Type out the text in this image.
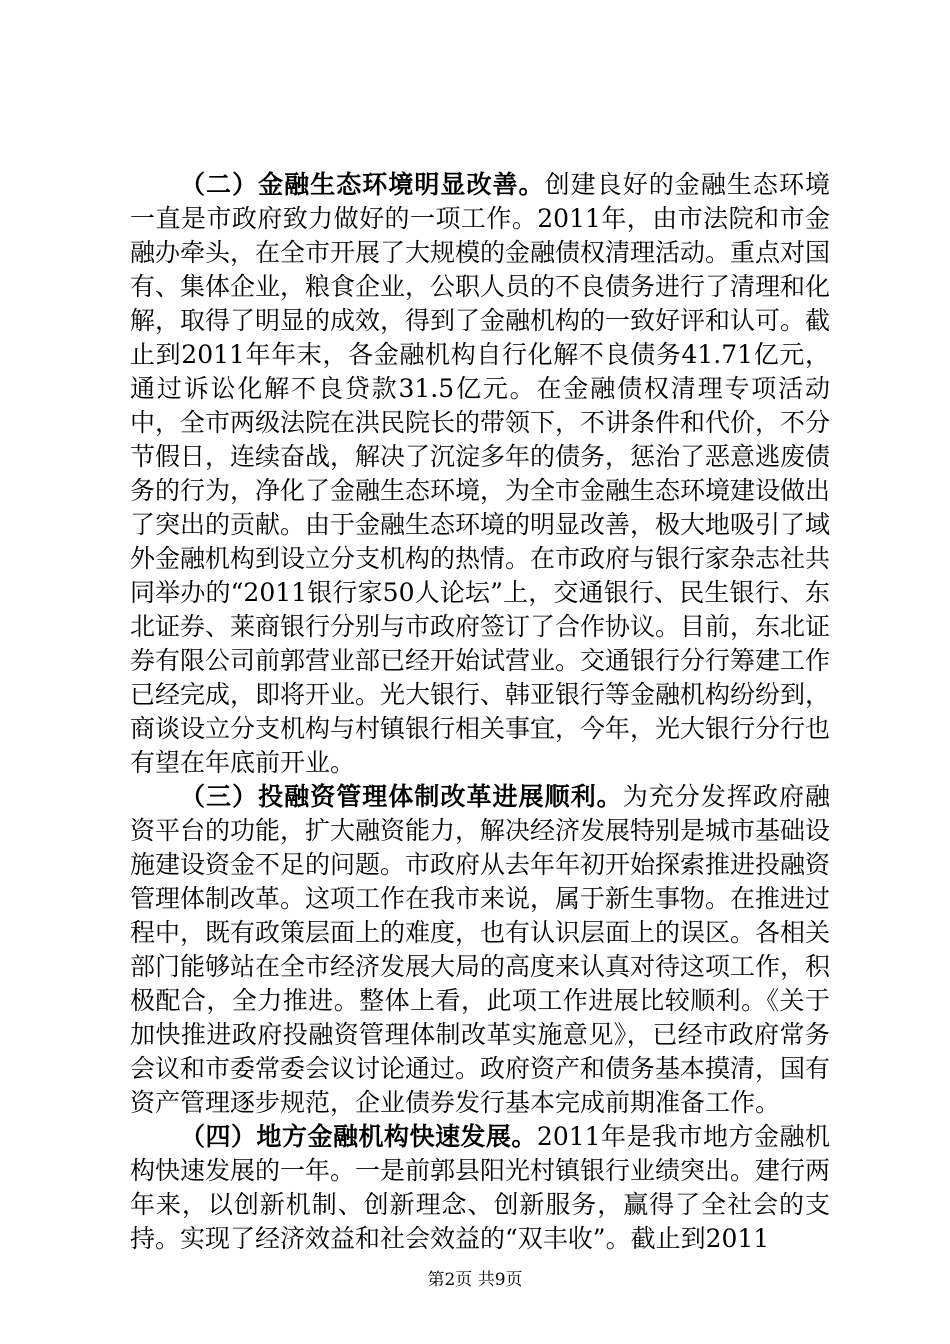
（二）金融生态环境明显改善。创建良好的金融生态环境一直是市政府致力做好的一项工作。2011年，由市法院和市金融办牵头，在全市开展了大规模的金融债权清理活动。重点对国有、集体企业，粮食企业，公职人员的不良债务进行了清理和化解，取得了明显的成效，得到了金融机构的一致好评和认可。截止到2011年年末，各金融机构自行化解不良债务41.71亿元，通过诉讼化解不良贷款31.5亿元。在金融债权清理专项活动中，全市两级法院在洪民院长的带领下，不讲条件和代价，不分节假日，连续奋战，解决了沉淀多年的债务，惩治了恶意逃废债务的行为，净化了金融生态环境，为全市金融生态环境建设做出了突出的贡献。由于金融生态环境的明显改善，极大地吸引了域外金融机构到设立分支机构的热情。在市政府与银行家杂志社共同举办的“2011银行家50人论坛”上，交通银行、民生银行、东北证券、莱商银行分别与市政府签订了合作协议。目前，东北证券有限公司前郭营业部已经开始试营业。交通银行分行筹建工作已经完成，即将开业。光大银行、韩亚银行等金融机构纷纷到，商谈设立分支机构与村镇银行相关事宜，今年，光大银行分行也有望在年底前开业。

（三）投融资管理体制改革进展顺利。为充分发挥政府融资平台的功能，扩大融资能力，解决经济发展特别是城市基础设施建设资金不足的问题。市政府从去年年初开始探索推进投融资管理体制改革。这项工作在我市来说，属于新生事物。在推进过程中，既有政策层面上的难度，也有认识层面上的误区。各相关部门能够站在全市经济发展大局的高度来认真对待这项工作，积极配合，全力推进。整体上看，此项工作进展比较顺利。《关于加快推进政府投融资管理体制改革实施意见》，已经市政府常务会议和市委常委会议讨论通过。政府资产和债务基本摸清，国有资产管理逐步规范，企业债券发行基本完成前期准备工作。

（四）地方金融机构快速发展。2011年是我市地方金融机构快速发展的一年。一是前郭县阳光村镇银行业绩突出。建行两年来，以创新机制、创新理念、创新服务，赢得了全社会的支持。实现了经济效益和社会效益的“双丰收”。截止到2011

第2页 共9页
